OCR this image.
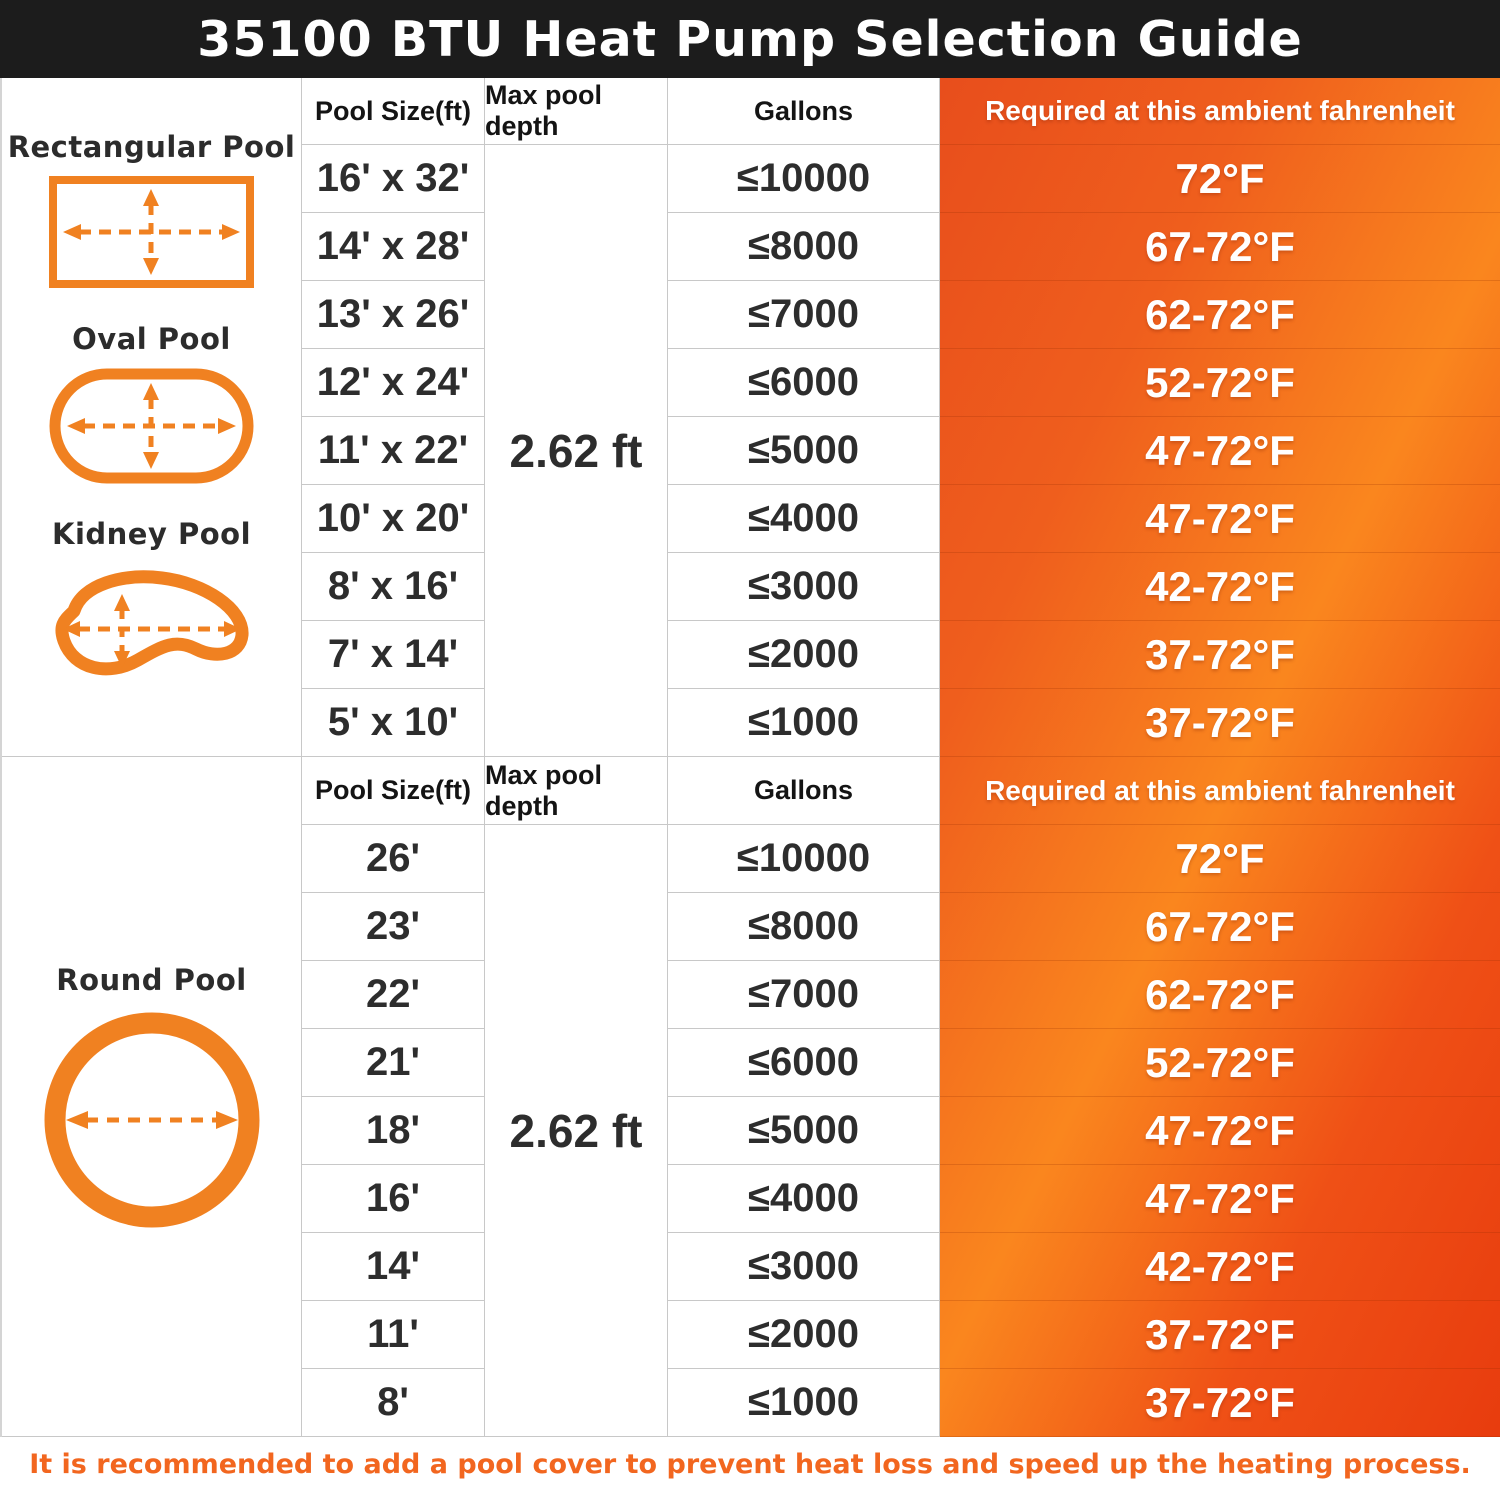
35100 BTU Heat Pump Selection Guide
Rectangular Pool
Oval Pool
Kidney Pool
Pool Size(ft)
Max pool depth
Gallons	Required at this ambient fahrenheit
2.62 ft
16' x 32'	≤10000	72°F
14' x 28'	≤8000	67-72°F
13' x 26'	≤7000	62-72°F
12' x 24'	≤6000	52-72°F
11' x 22'	≤5000	47-72°F
10' x 20'	≤4000	47-72°F
8' x 16'	≤3000	42-72°F
7' x 14'	≤2000	37-72°F
5' x 10'	≤1000	37-72°F
Round Pool
Pool Size(ft)
Max pool depth
Gallons	Required at this ambient fahrenheit
2.62 ft
26'	≤10000	72°F
23'	≤8000	67-72°F
22'	≤7000	62-72°F
21'	≤6000	52-72°F
18'	≤5000	47-72°F
16'	≤4000	47-72°F
14'	≤3000	42-72°F
11'	≤2000	37-72°F
8'	≤1000	37-72°F
It is recommended to add a pool cover to prevent heat loss and speed up the heating process.
